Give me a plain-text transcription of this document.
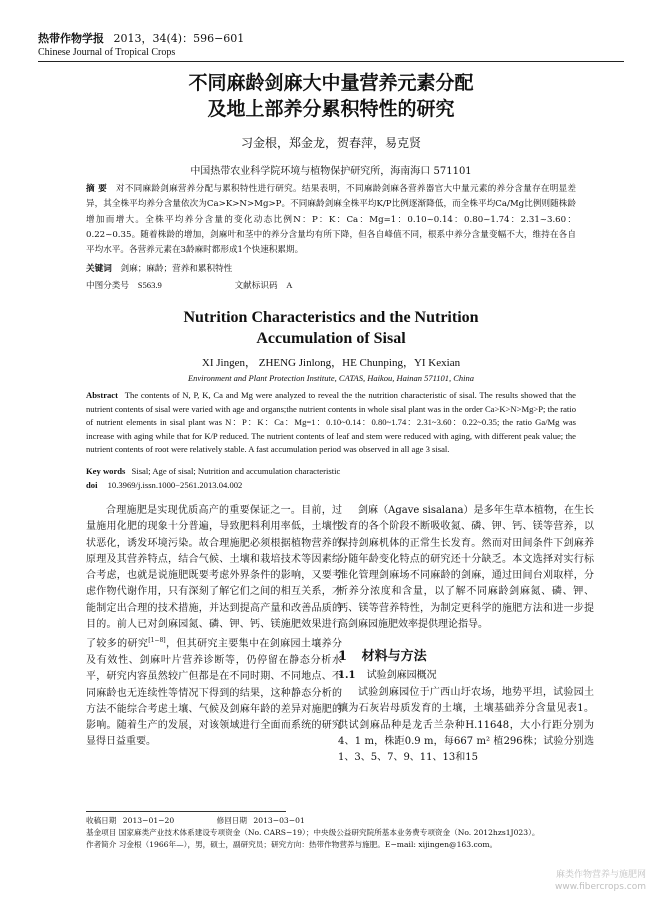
热带作物学报 2013，34(4)：596−601
Chinese Journal of Tropical Crops
不同麻龄剑麻大中量营养元素分配
及地上部养分累积特性的研究
习金根，郑金龙，贺春萍，易克贤
中国热带农业科学院环境与植物保护研究所，海南海口 571101
摘 要 对不同麻龄剑麻营养分配与累积特性进行研究。结果表明，不同麻龄剑麻各营养器官大中量元素的养分含量存在明显差异，其全株平均养分含量依次为Ca>K>N>Mg>P。不同麻龄剑麻全株平均K/P比例逐渐降低，而全株平均Ca/Mg比例则随株龄增加而增大。全株平均养分含量的变化动态比例N：P：K：Ca：Mg=1：0.10~0.14：0.80~1.74：2.31~3.60：0.22~0.35。随着株龄的增加，剑麻叶和茎中的养分含量均有所下降，但各自峰值不同，根系中养分含量变幅不大，维持在各自平均水平。各营养元素在3龄麻时都形成1个快速积累期。
关键词 剑麻；麻龄；营养和累积特性
中图分类号 S563.9	文献标识码 A
Nutrition Characteristics and the Nutrition
Accumulation of Sisal
XI Jingen， ZHENG Jinlong，HE Chunping，YI Kexian
Environment and Plant Protection Institute, CATAS, Haikou, Hainan 571101, China
Abstract The contents of N, P, K, Ca and Mg were analyzed to reveal the the nutrition characteristic of sisal. The results showed that the nutrient contents of sisal were varied with age and organs;the nutrient contents in whole sisal plant was in the order Ca>K>N>Mg>P; the ratio of nutrient elements in sisal plant was N：P：K：Ca：Mg=1：0.10~0.14：0.80~1.74：2.31~3.60：0.22~0.35; the ratio Ga/Mg was increase with aging while that for K/P reduced. The nutrient contents of leaf and stem were reduced with aging, with different peak value; the nutrient contents of root were relatively stable. A fast accumulation period was observed in all age 3 sisal.
Key words Sisal; Age of sisal; Nutrition and accumulation characteristic
doi 10.3969/j.issn.1000−2561.2013.04.002
合理施肥是实现优质高产的重要保证之一。目前，过量施用化肥的现象十分普遍，导致肥料利用率低，土壤性状恶化，诱发环境污染。故合理施肥必须根据植物营养的原理及其营养特点，结合气候、土壤和栽培技术等因素综合考虑，也就是说施肥既要考虑外界条件的影响，又要考虑作物代谢作用，只有深刻了解它们之间的相互关系，才能制定出合理的技术措施，并达到提高产量和改善品质的目的。前人已对剑麻园氮、磷、钾、钙、镁施肥效果进行了较多的研究[1−8]，但其研究主要集中在剑麻园土壤养分及有效性、剑麻叶片营养诊断等，仍停留在静态分析水平，研究内容虽然较广但都是在不同时期、不同地点、不同麻龄也无连续性等情况下得到的结果，这种静态分析的方法不能综合考虑土壤、气候及剑麻年龄的差异对施肥的影响。随着生产的发展，对该领域进行全面而系统的研究显得日益重要。
剑麻（Agave sisalana）是多年生草本植物，在生长发育的各个阶段不断吸收氮、磷、钾、钙、镁等营养，以保持剑麻机体的正常生长发育。然而对田间条件下剑麻养分随年龄变化特点的研究还十分缺乏。本文选择对实行标准化管理剑麻场不同麻龄的剑麻，通过田间台刈取样，分析养分浓度和含量，以了解不同麻龄剑麻氮、磷、钾、钙、镁等营养特性，为制定更科学的施肥方法和进一步提高剑麻园施肥效率提供理论指导。
1 材料与方法
1.1 试验剑麻园概况
试验剑麻园位于广西山圩农场，地势平坦，试验园土壤为石灰岩母质发育的土壤，土壤基础养分含量见表1。供试剑麻品种是龙舌兰杂种H.11648，大小行距分别为4、1 m，株距0.9 m，每667 m² 植296株；试验分别选1、3、5、7、9、11、13和15
收稿日期 2013−01−20	修回日期 2013−03−01
基金项目 国家麻类产业技术体系建设专项资金（No. CARS−19）；中央级公益研究院所基本业务费专项资金（No. 2012hzs1J023）。
作者简介 习金根（1966年—），男，硕士，副研究员；研究方向：热带作物营养与施肥。E−mail: xijingen@163.com。
麻类作物营养与施肥网
www.fibercrops.com
